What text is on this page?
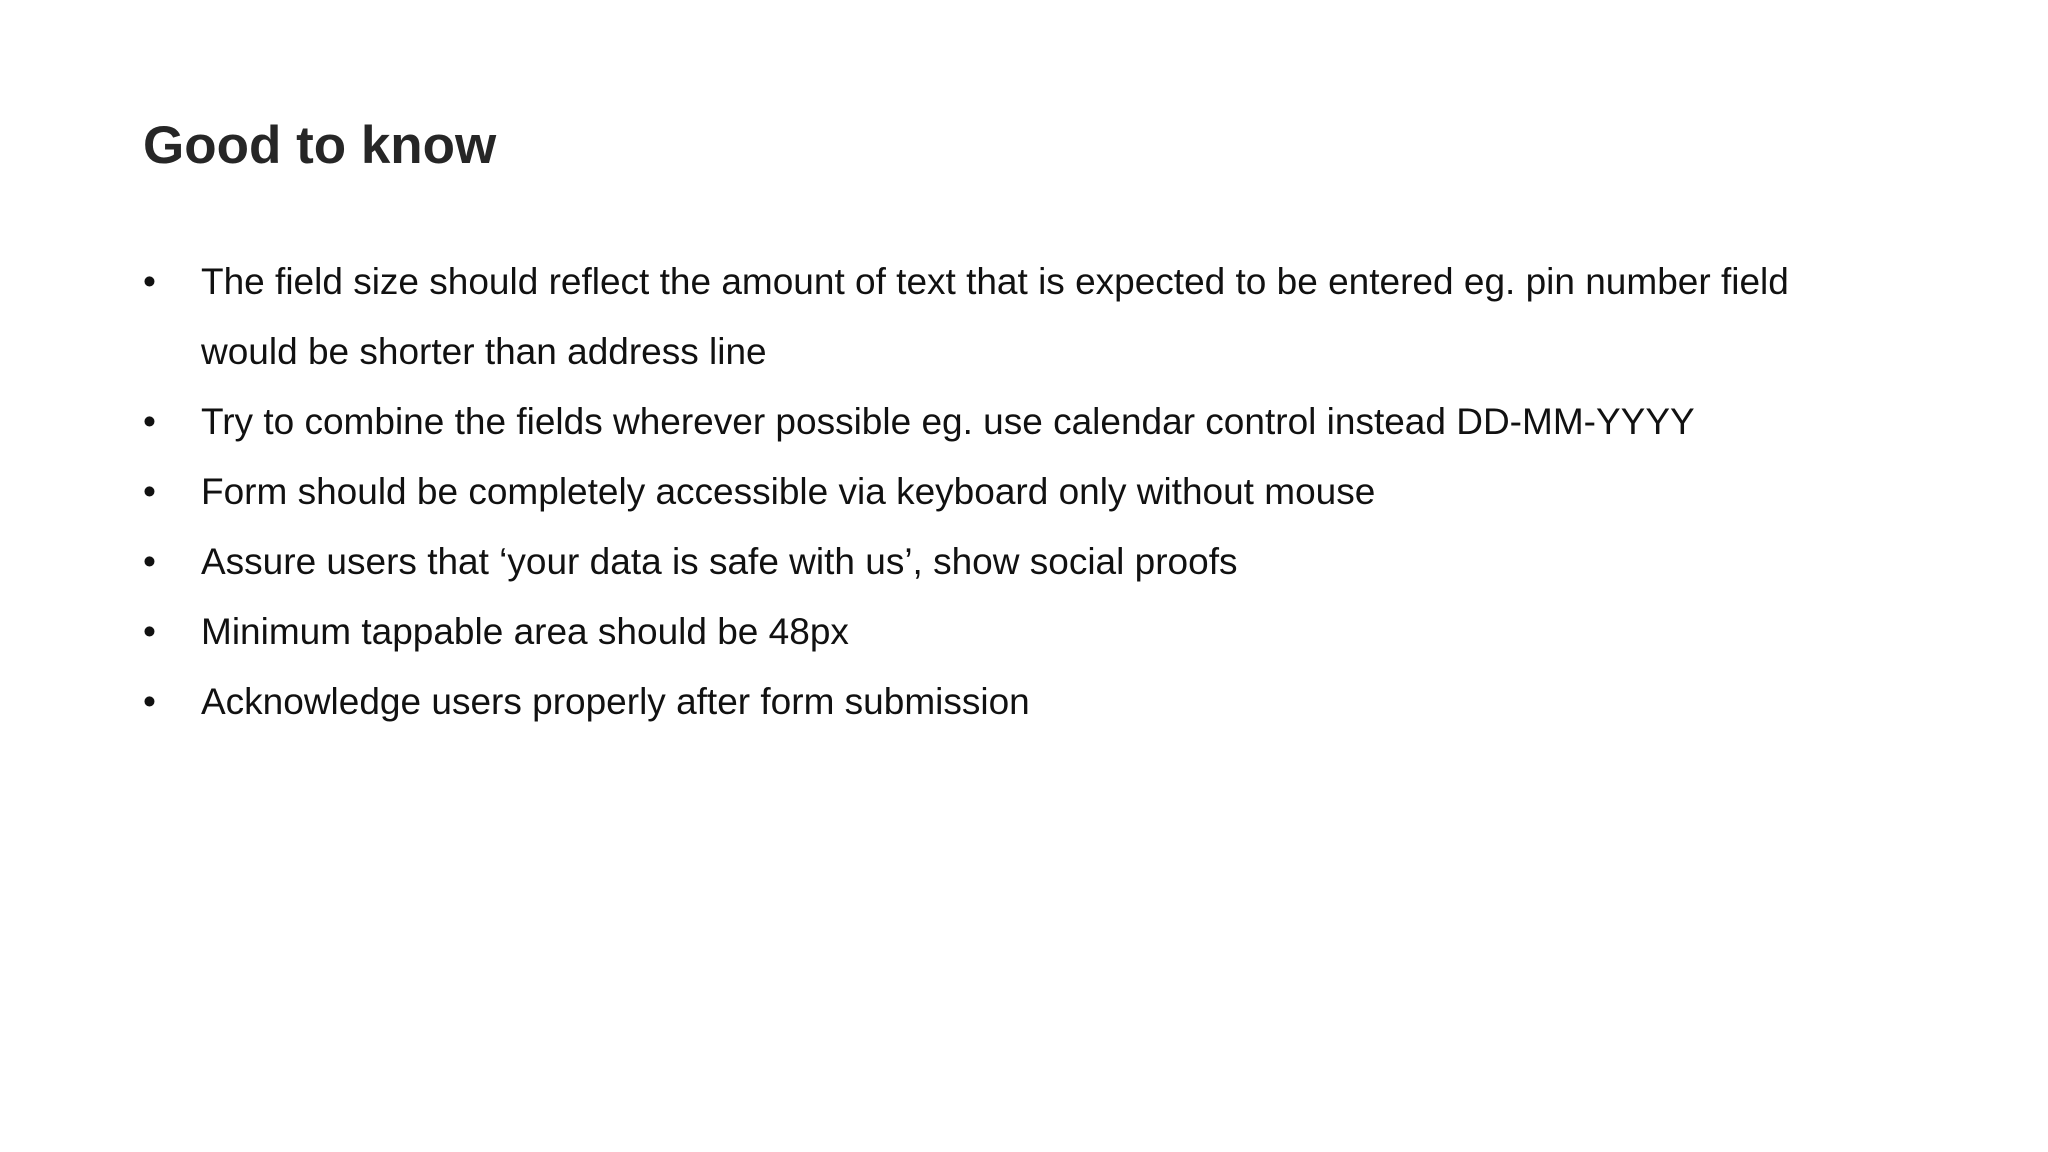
Good to know
• The field size should reflect the amount of text that is expected to be entered eg. pin number field would be shorter than address line
• Try to combine the fields wherever possible eg. use calendar control instead DD-MM-YYYY
• Form should be completely accessible via keyboard only without mouse
• Assure users that ‘your data is safe with us’, show social proofs
• Minimum tappable area should be 48px
• Acknowledge users properly after form submission
